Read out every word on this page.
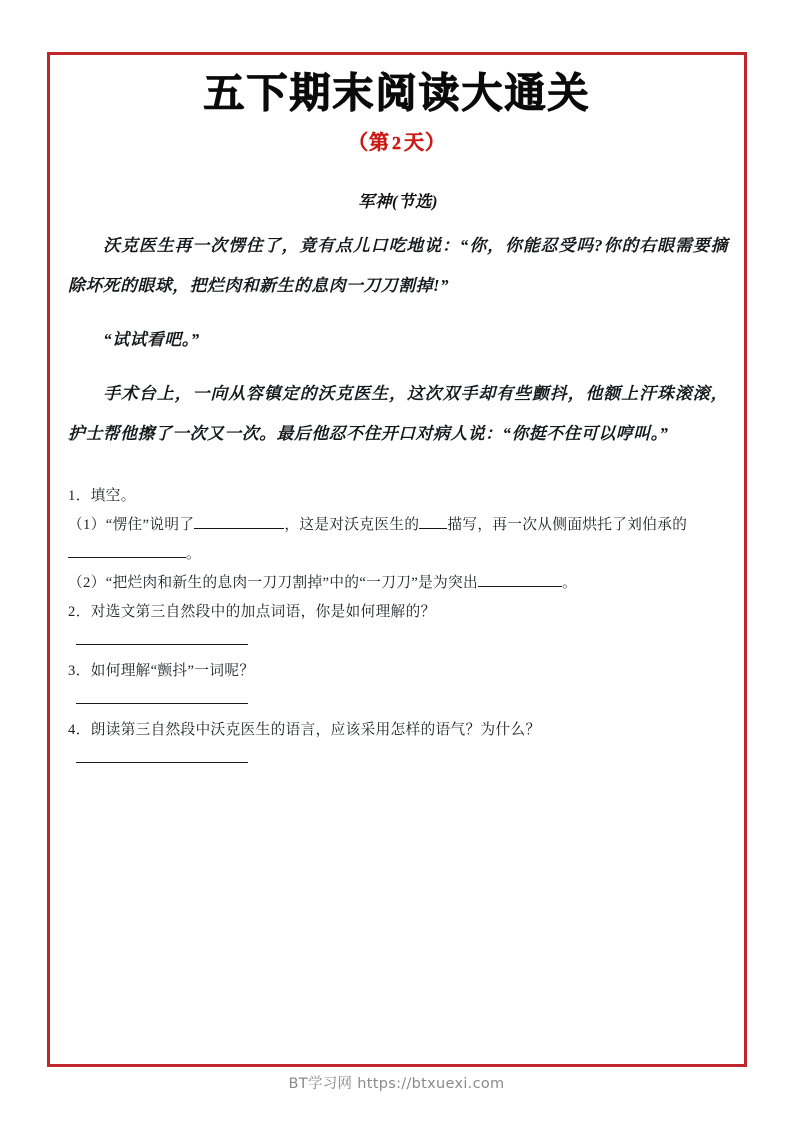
五下期末阅读大通关
（第 2 天）
军神(节选)
沃克医生再一次愣住了，竟有点儿口吃地说：“你，你能忍受吗?你的右眼需要摘除坏死的眼球，把烂肉和新生的息肉一刀刀割掉!”
“试试看吧。”
手术台上，一向从容镇定的沃克医生，这次双手却有些颤抖，他额上汗珠滚滚，护士帮他擦了一次又一次。最后他忍不住开口对病人说：“你挺不住可以哼叫。”
1．填空。
（1）“愣住”说明了	，这是对沃克医生的 描写，再一次从侧面烘托了刘伯承的
。
（2）“把烂肉和新生的息肉一刀刀割掉”中的“一刀刀”是为突出	。
2．对选文第三自然段中的加点词语，你是如何理解的？
3．如何理解“颤抖”一词呢？
4．朗读第三自然段中沃克医生的语言，应该采用怎样的语气？为什么？
BT学习网 https://btxuexi.com
